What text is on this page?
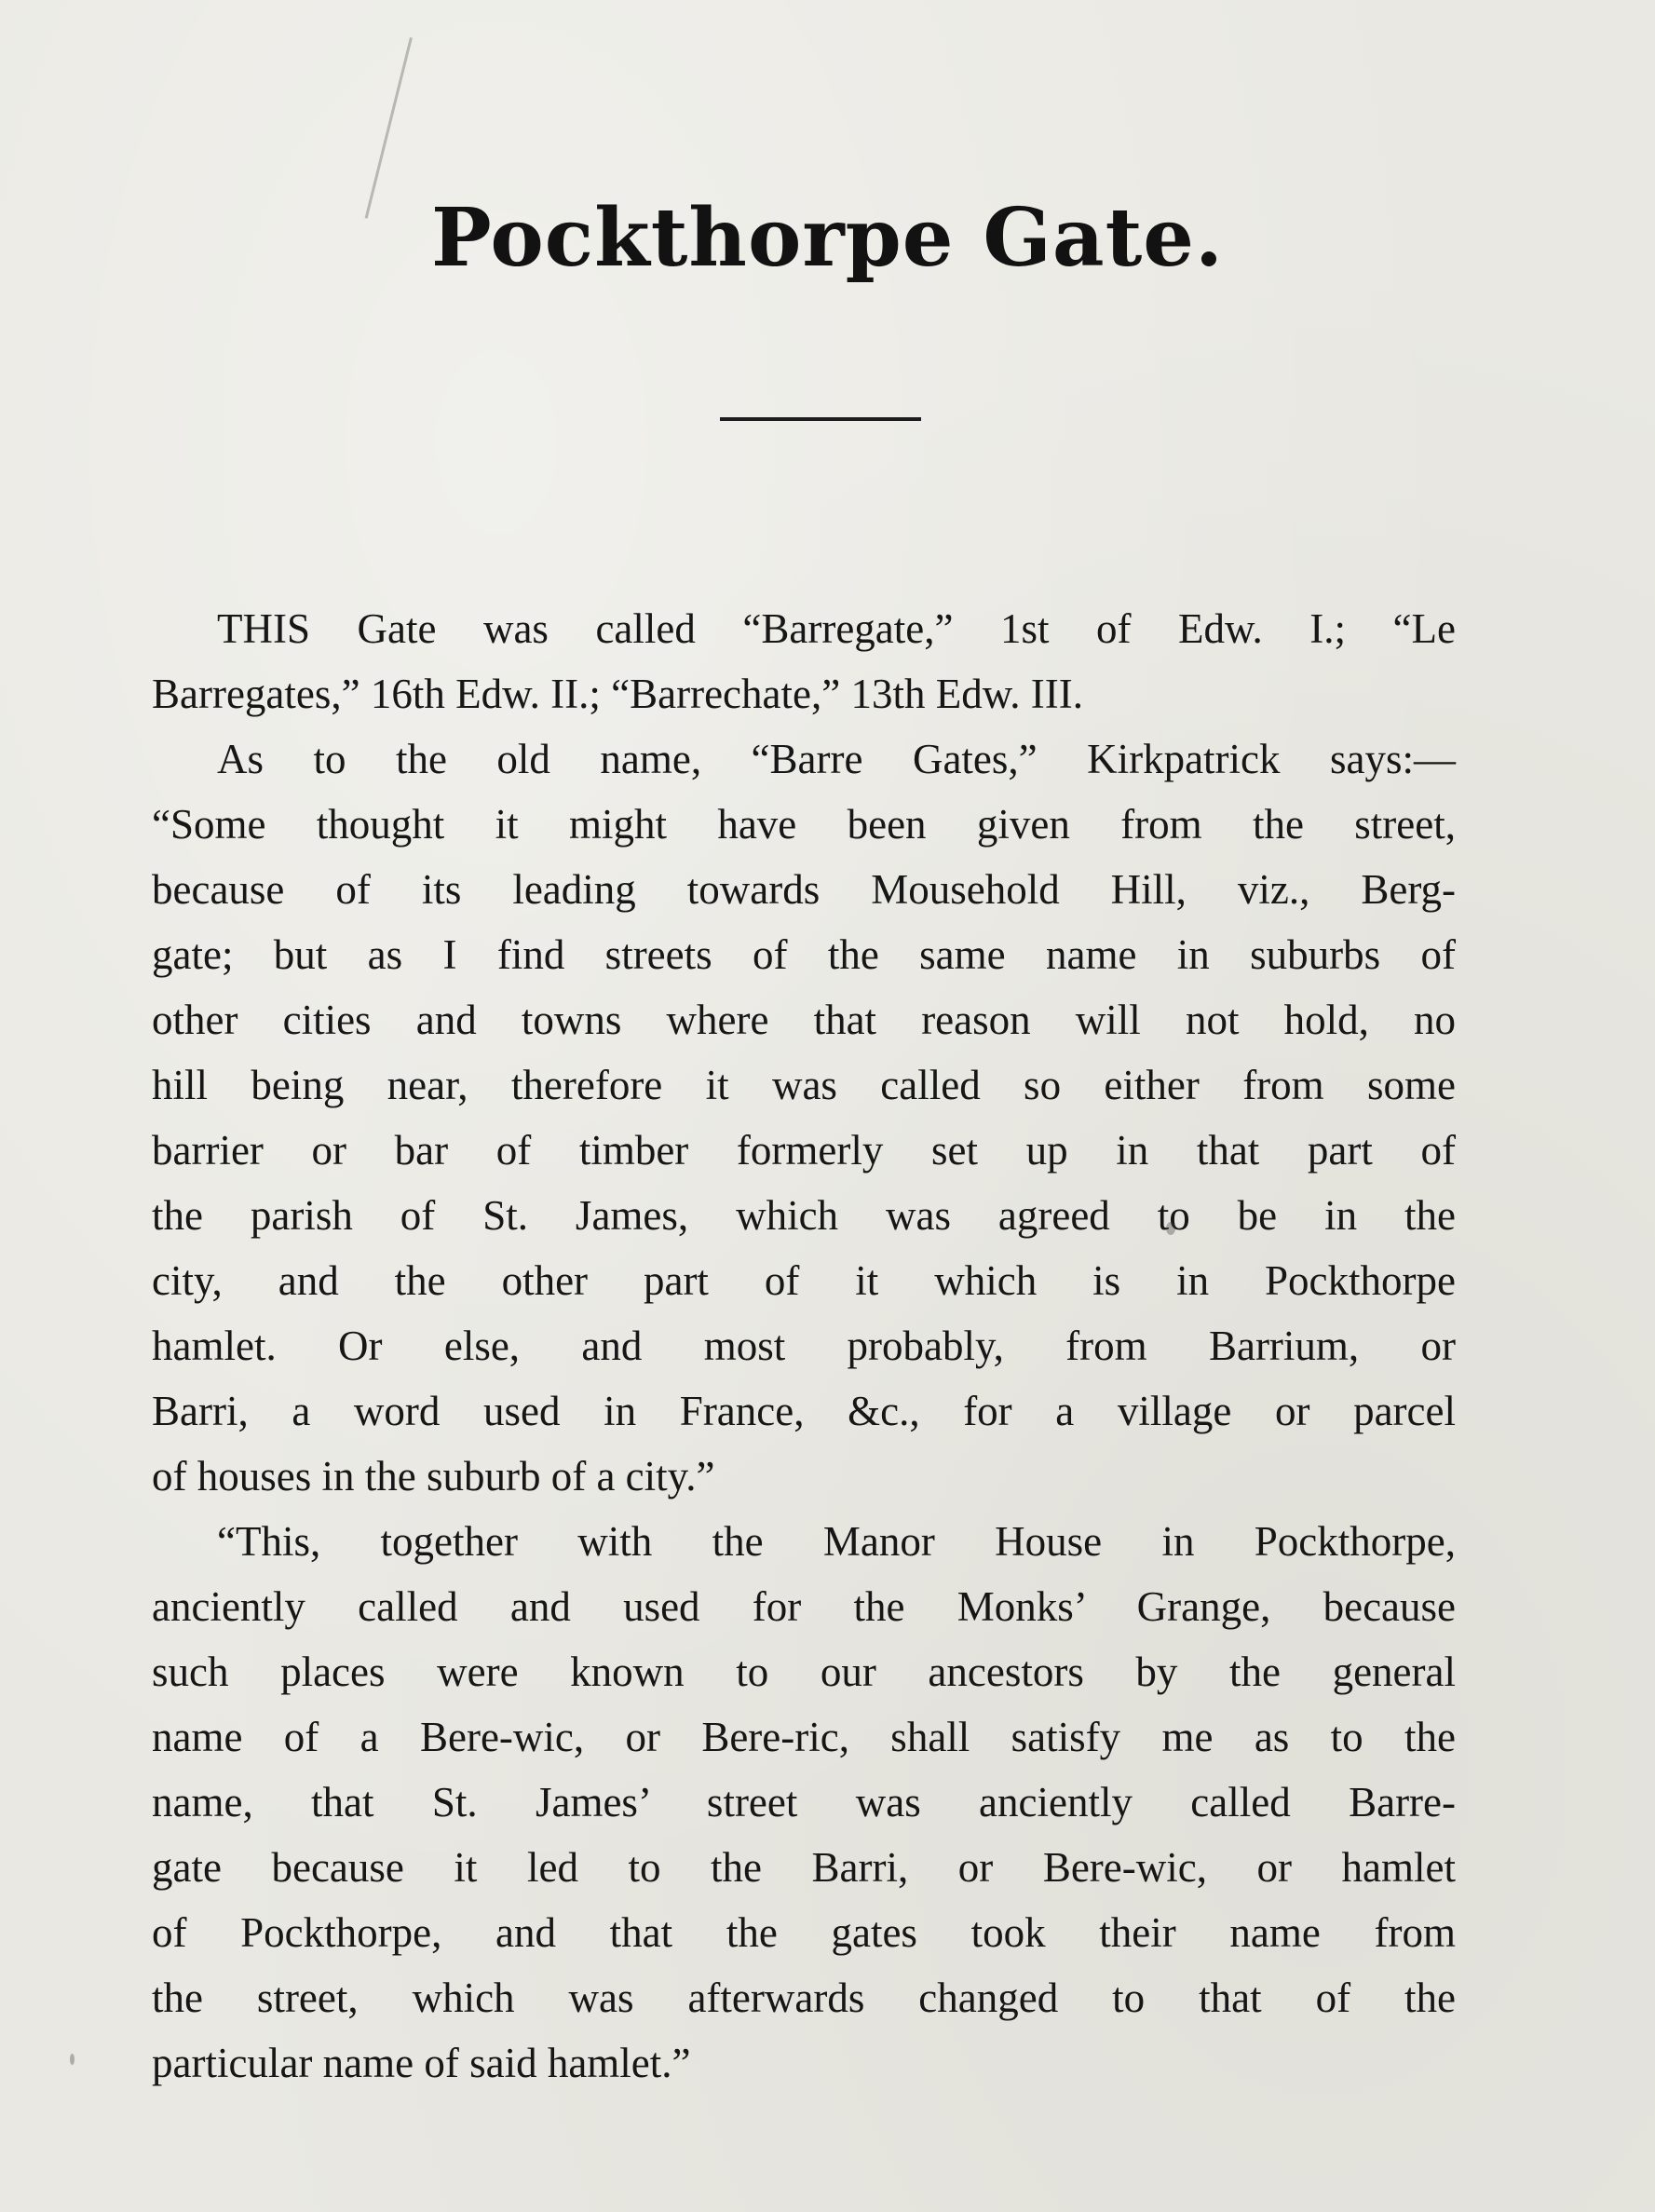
Pockthorpe Gate.
THIS Gate was called “Barregate,” 1st of Edw. I.; “Le
Barregates,” 16th Edw. II.; “Barrechate,” 13th Edw. III.
As to the old name, “Barre Gates,” Kirkpatrick says:—
“Some thought it might have been given from the street,
because of its leading towards Mousehold Hill, viz., Berg-
gate; but as I find streets of the same name in suburbs of
other cities and towns where that reason will not hold, no
hill being near, therefore it was called so either from some
barrier or bar of timber formerly set up in that part of
the parish of St. James, which was agreed to be in the
city, and the other part of it which is in Pockthorpe
hamlet. Or else, and most probably, from Barrium, or
Barri, a word used in France, &c., for a village or parcel
of houses in the suburb of a city.”
“This, together with the Manor House in Pockthorpe,
anciently called and used for the Monks’ Grange, because
such places were known to our ancestors by the general
name of a Bere-wic, or Bere-ric, shall satisfy me as to the
name, that St. James’ street was anciently called Barre-
gate because it led to the Barri, or Bere-wic, or hamlet
of Pockthorpe, and that the gates took their name from
the street, which was afterwards changed to that of the
particular name of said hamlet.”
